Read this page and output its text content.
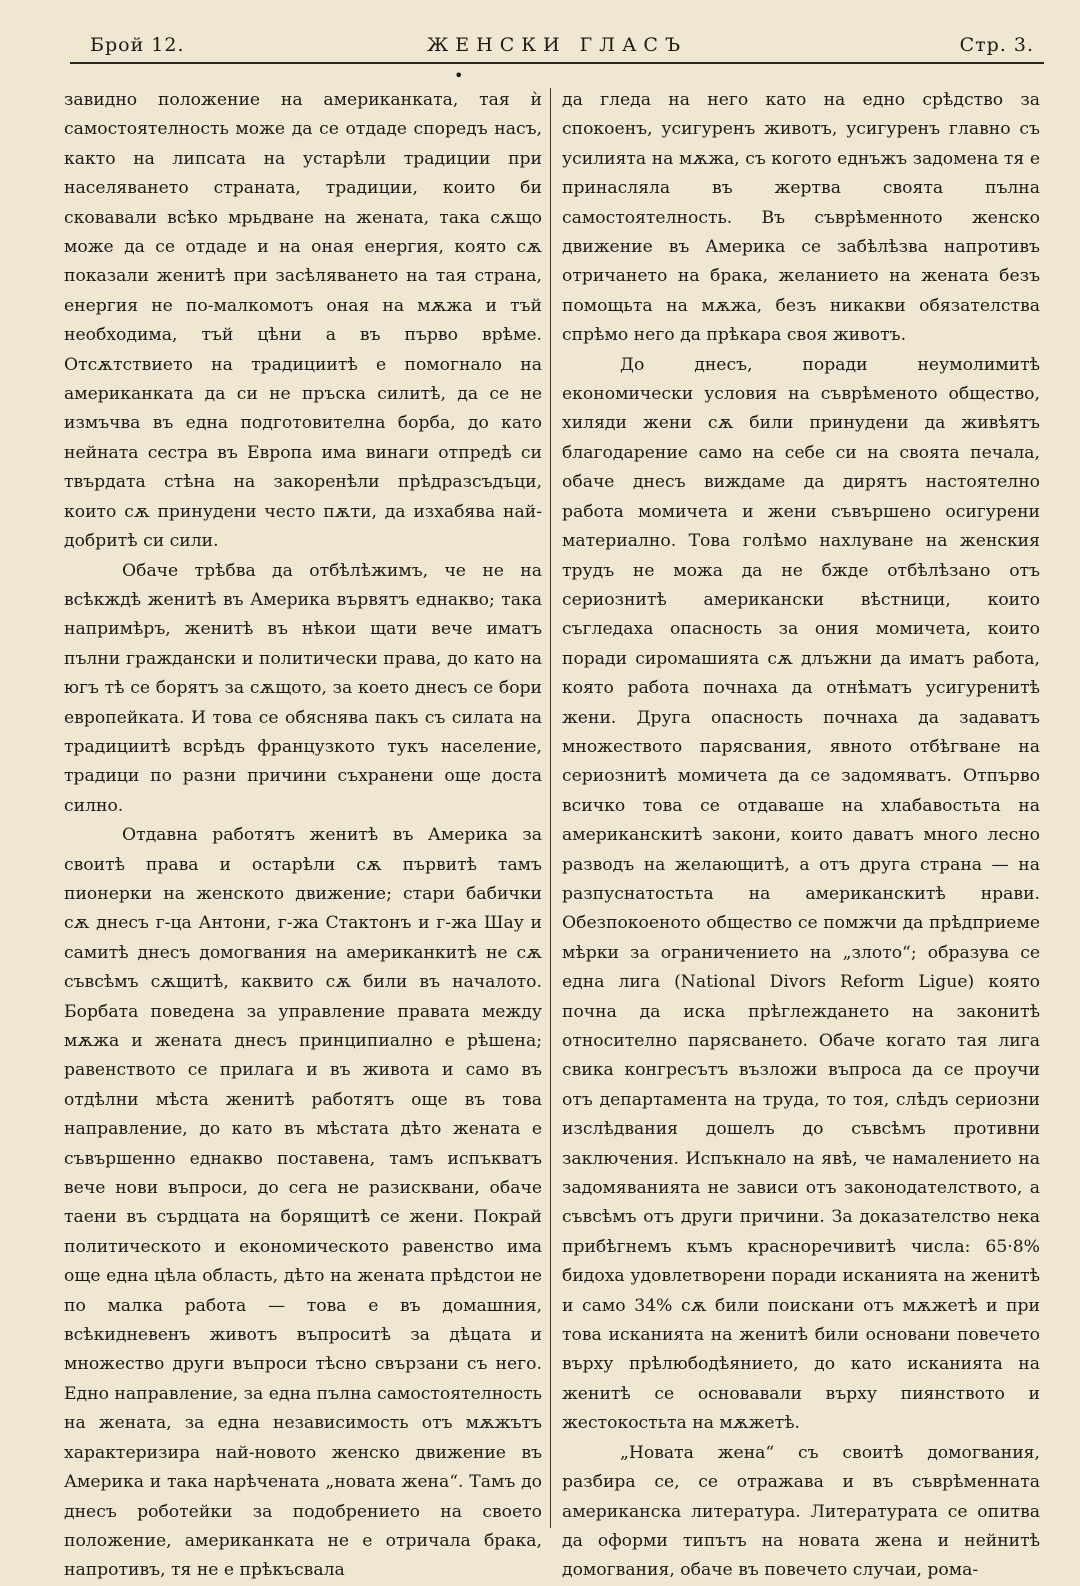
Брой 12.	ЖЕНСКИ ГЛАСЪ	Стр. 3.
•

завидно положение на американката, тая ѝ самостоятелность може да се отдаде споредъ насъ, както на липсата на устарѣли традиции при населяването странатa, традиции, които би сковавали всѣко мрьдване на жената, така сѫщо може да се отдаде и на оная енергия, която сѫ показали женитѣ при засѣляването на тая страна, енергия не по-малкомотъ оная на мѫжа и тъй необходима, тъй цѣни а въ първо врѣме. Отсѫтствието на традициитѣ е помогнало на американката да си не пръска силитѣ, да се не измъчва въ една подготовителна борба, до като нейната сестра въ Европа има винаги отпредѣ си твърдата стѣна на закоренѣли прѣдразсъдъци, които сѫ принудени често пѫти, да изхабява най-добритѣ си сили.

Обаче трѣбва да отбѣлѣжимъ, че не на всѣкждѣ женитѣ въ Америка вървятъ еднакво; така напримѣръ, женитѣ въ нѣкои щати вече иматъ пълни граждански и политически права, до като на югъ тѣ се борятъ за сѫщото, за което днесъ се бори европейката. И това се обяснява пакъ съ силата на традициитѣ всрѣдъ французкото тукъ население, традици по разни причини съхранени още доста силно.

Отдавна работятъ женитѣ въ Америка за своитѣ права и остарѣли сѫ първитѣ тамъ пионерки на женското движение; стари бабички сѫ днесъ г-ца Антони, г-жа Стактонъ и г-жа Шау и самитѣ днесъ домогвания на американкитѣ не сѫ съвсѣмъ сѫщитѣ, каквито сѫ били въ началото. Борбата поведена за управление правата между мѫжа и жената днесъ принципиално е рѣшена; равенството се прилага и въ живота и само въ отдѣлни мѣста женитѣ работятъ още въ това направление, до като въ мѣстата дѣто жената е съвършенно еднакво поставена, тамъ испъкватъ вече нови въпроси, до сега не разисквани, обаче таени въ сърдцата на борящитѣ се жени. Покрай политическото и економическото равенство има още една цѣла область, дѣто на жената прѣдстои не по малка работа — това е въ домашния, всѣкидневенъ животъ въпроситѣ за дѣцата и множество други въпроси тѣсно свързани съ него. Едно направление, за една пълна самостоятелность на жената, за една независимость отъ мѫжътъ характеризира най-новото женско движение въ Америка и така нарѣчената „новата жена“. Тамъ до днесъ роботейки за подобрението на своето положение, американката не е отричала брака, напротивъ, тя не е прѣкъсвала

да гледа на него като на едно срѣдство за спокоенъ, усигуренъ животъ, усигуренъ главно съ усилията на мѫжа, съ когото еднъжъ задомена тя е принасляла въ жертва своята пълна самостоятелность. Въ съврѣменното женско движение въ Америка се забѣлѣзва напротивъ отричането на брака, желанието на жената безъ помощьта на мѫжа, безъ никакви обязателства спрѣмо него да прѣкара своя животъ.

До днесъ, поради неумолимитѣ економически условия на съврѣменото общество, хиляди жени сѫ били принудени да живѣятъ благодарение само на себе си на своята печала, обаче днесъ виждаме да дирятъ настоятелно работа момичета и жени съвършено осигурени материално. Това голѣмо нахлуване на женския трудъ не можа да не бжде отбѣлѣзано отъ сериознитѣ американски вѣстници, които съгледаха опасность за ония момичета, които поради сиромашията сѫ длъжни да иматъ работа, която работа почнаха да отнѣматъ усигуренитѣ жени. Друга опасность почнаха да задаватъ множеството парясвания, явното отбѣгване на сериознитѣ момичета да се задомяватъ. Отпърво всичко това се отдаваше на хлабавостьта на американскитѣ закони, които даватъ много лесно разводъ на желающитѣ, а отъ друга страна — на разпуснатостьта на американскитѣ нрави. Обезпокоеното общество се помжчи да прѣдприеме мѣрки за ограничението на „злото“; образува се една лига (National Divors Reform Ligue) която почна да иска прѣглеждането на законитѣ относително парясването. Обаче когато тая лига свика конгресътъ възложи въпроса да се проучи отъ департамента на труда, то тоя, слѣдъ сериозни изслѣдвания дошелъ до съвсѣмъ противни заключения. Испъкнало на явѣ, че намалението на задомяванията не зависи отъ законодателството, а съвсѣмъ отъ други причини. За доказателство нека прибѣгнемъ къмъ красноречивитѣ числа: 65·8% бидоха удовлетворени поради исканията на женитѣ и само 34% сѫ били поискани отъ мѫжетѣ и при това исканията на женитѣ били основани повечето върху прѣлюбодѣянието, до като исканията на женитѣ се основавали върху пиянството и жестокостьта на мѫжетѣ.

„Новата жена“ съ своитѣ домогвания, разбира се, се отражава и въ съврѣменната американска литература. Литературата се опитва да оформи типътъ на новата жена и нейнитѣ домогвания, обаче въ повечето случаи, рома-
